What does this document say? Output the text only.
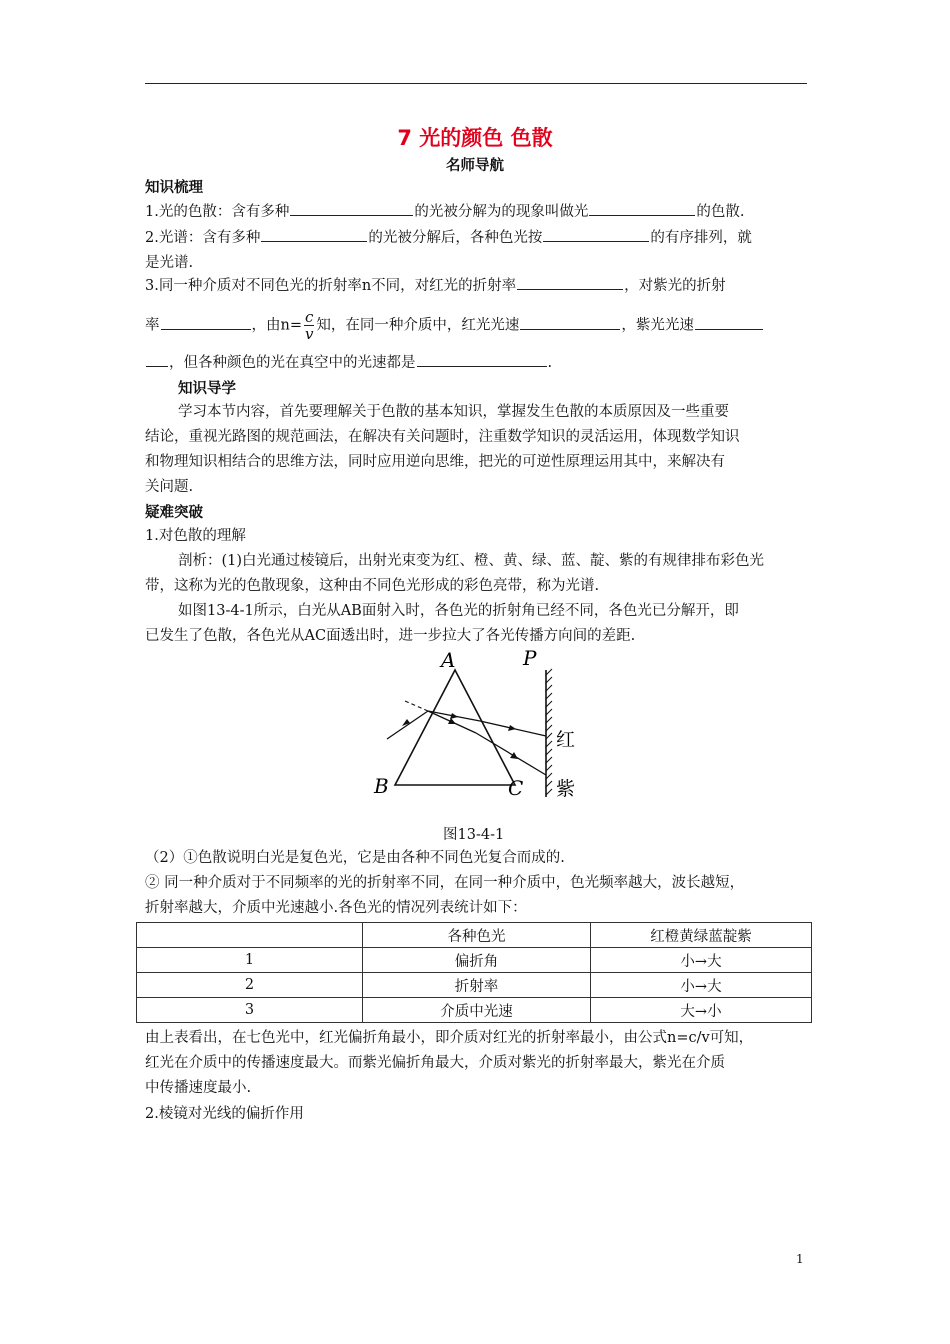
7 光的颜色 色散
名师导航
知识梳理
1.光的色散：含有多种	的光被分解为的现象叫做光	的色散.
2.光谱：含有多种	的光被分解后，各种色光按	的有序排列，就
是光谱.
3.同一种介质对不同色光的折射率n不同，对红光的折射率	，对紫光的折射
率	，由$n= \frac{c}{v}$ 知，在同一种介质中，红光光速	，紫光光速
，但各种颜色的光在真空中的光速都是	.
知识导学
学习本节内容，首先要理解关于色散的基本知识，掌握发生色散的本质原因及一些重要
结论，重视光路图的规范画法，在解决有关问题时，注重数学知识的灵活运用，体现数学知识
和物理知识相结合的思维方法，同时应用逆向思维，把光的可逆性原理运用其中，来解决有
关问题.
疑难突破
1.对色散的理解
剖析：(1)白光通过棱镜后，出射光束变为红、橙、黄、绿、蓝、靛、紫的有规律排布彩色光
带，这称为光的色散现象，这种由不同色光形成的彩色亮带，称为光谱.
如图13-4-1所示，白光从AB面射入时，各色光的折射角已经不同，各色光已分解开，即
已发生了色散，各色光从AC面透出时，进一步拉大了各光传播方向间的差距.
A
B	C
P
红
紫
图13-4-1
（2）①色散说明白光是复色光，它是由各种不同色光复合而成的.
② 同一种介质对于不同频率的光的折射率不同，在同一种介质中，色光频率越大，波长越短，
折射率越大，介质中光速越小.各色光的情况列表统计如下：
	各种色光	红橙黄绿蓝靛紫
1	偏折角	小→大
2	折射率	小→大
3	介质中光速	大→小
由上表看出，在七色光中，红光偏折角最小，即介质对红光的折射率最小，由公式n=c/v可知，
红光在介质中的传播速度最大。而紫光偏折角最大，介质对紫光的折射率最大，紫光在介质
中传播速度最小.
2.棱镜对光线的偏折作用
1
